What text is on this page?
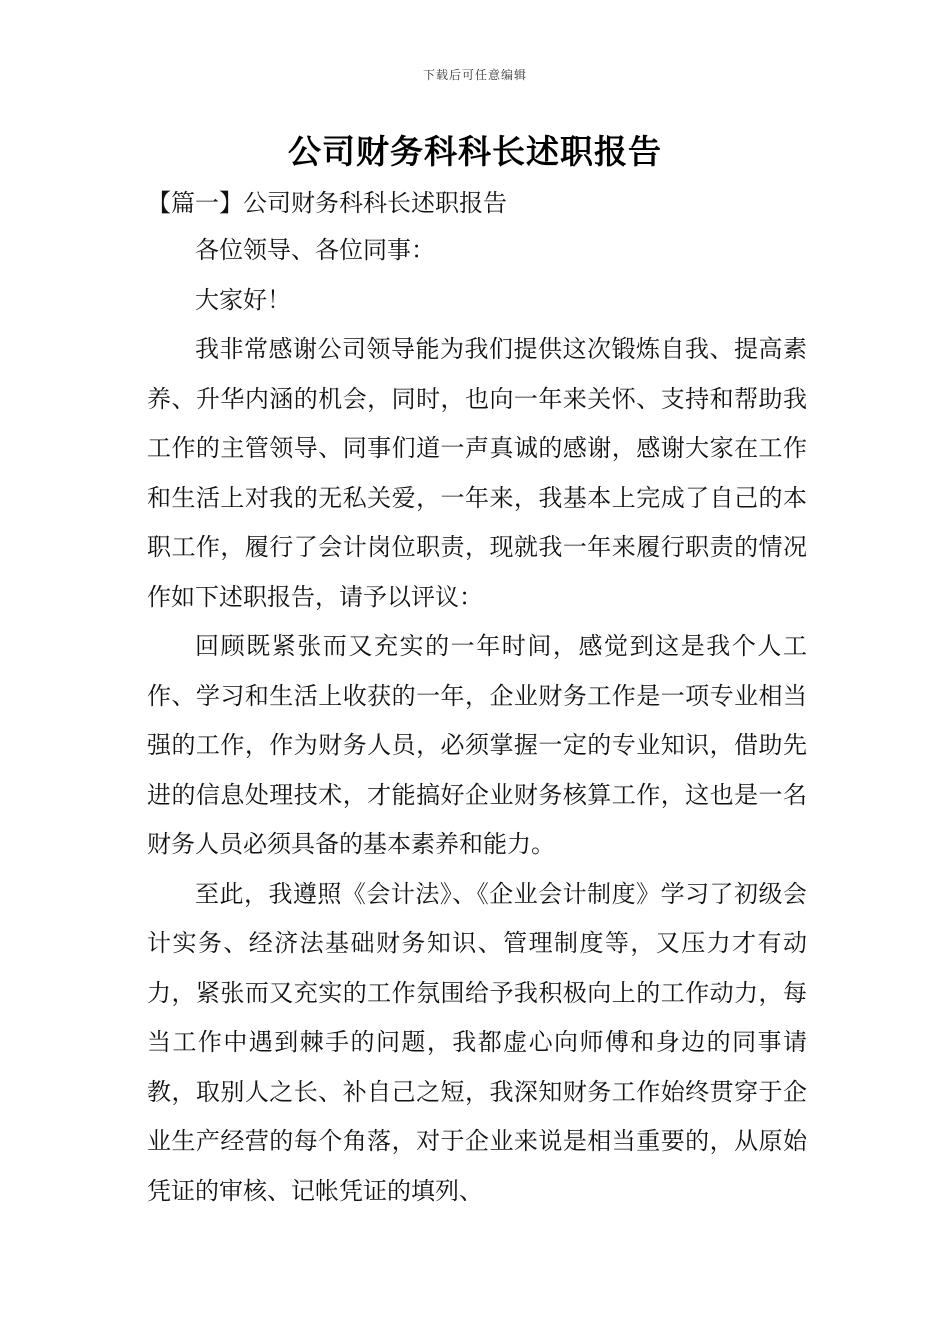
下载后可任意编辑
公司财务科科长述职报告
【篇一】公司财务科科长述职报告

各位领导、各位同事：

大家好！

我非常感谢公司领导能为我们提供这次锻炼自我、提高素养、升华内涵的机会，同时，也向一年来关怀、支持和帮助我工作的主管领导、同事们道一声真诚的感谢，感谢大家在工作和生活上对我的无私关爱，一年来，我基本上完成了自己的本职工作，履行了会计岗位职责，现就我一年来履行职责的情况作如下述职报告，请予以评议：

回顾既紧张而又充实的一年时间，感觉到这是我个人工作、学习和生活上收获的一年，企业财务工作是一项专业相当强的工作，作为财务人员，必须掌握一定的专业知识，借助先进的信息处理技术，才能搞好企业财务核算工作，这也是一名财务人员必须具备的基本素养和能力。

至此，我遵照《会计法》、《企业会计制度》学习了初级会计实务、经济法基础财务知识、管理制度等，又压力才有动力，紧张而又充实的工作氛围给予我积极向上的工作动力，每当工作中遇到棘手的问题，我都虚心向师傅和身边的同事请教，取别人之长、补自己之短，我深知财务工作始终贯穿于企业生产经营的每个角落，对于企业来说是相当重要的，从原始凭证的审核、记帐凭证的填列、
